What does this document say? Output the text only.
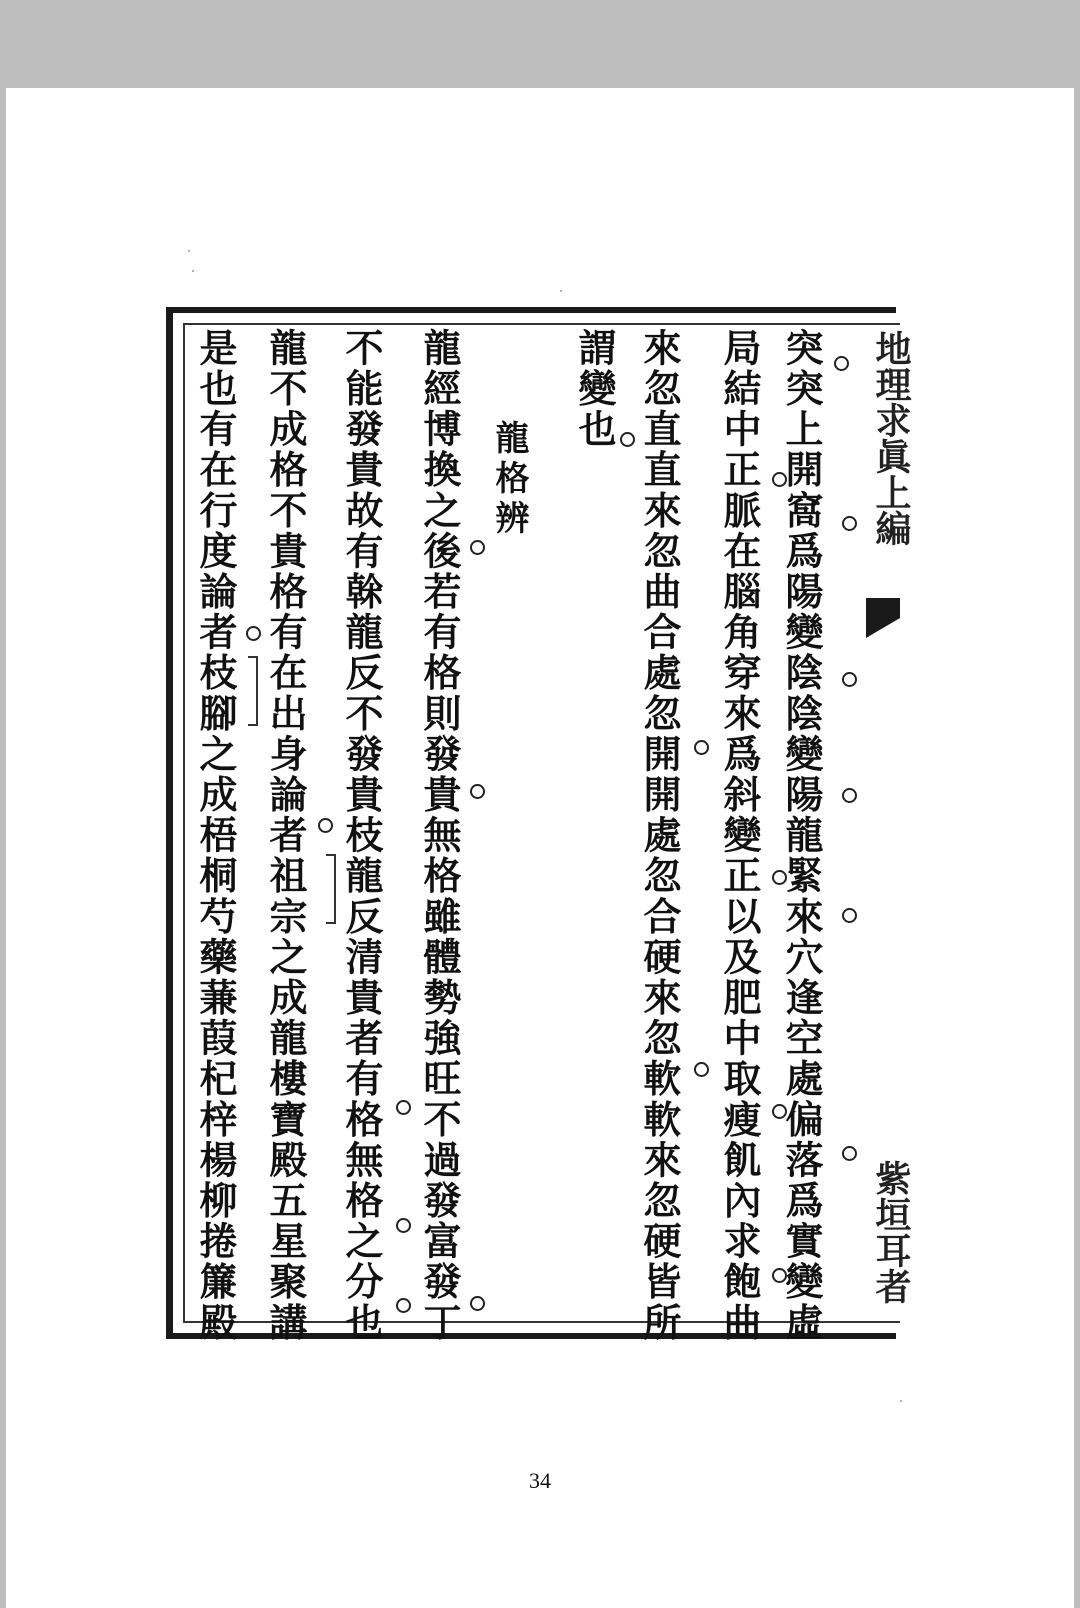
地理求眞上編
紫垣耳者
突突上開窩爲陽變陰陰變陽龍緊來穴逢空處偏落爲實變虛
局結中正脈在腦角穿來爲斜變正以及肥中取瘦飢內求飽曲
來忽直直來忽曲合處忽開開處忽合硬來忽軟軟來忽硬皆所
謂變也
龍格辨
龍經博換之後若有格則發貴無格雖體勢強旺不過發富發丁
不能發貴故有榦龍反不發貴枝龍反清貴者有格無格之分也
龍不成格不貴格有在出身論者祖宗之成龍樓寶殿五星聚講
是也有在行度論者枝腳之成梧桐芍藥蒹葭杞梓楊柳捲簾殿
34
